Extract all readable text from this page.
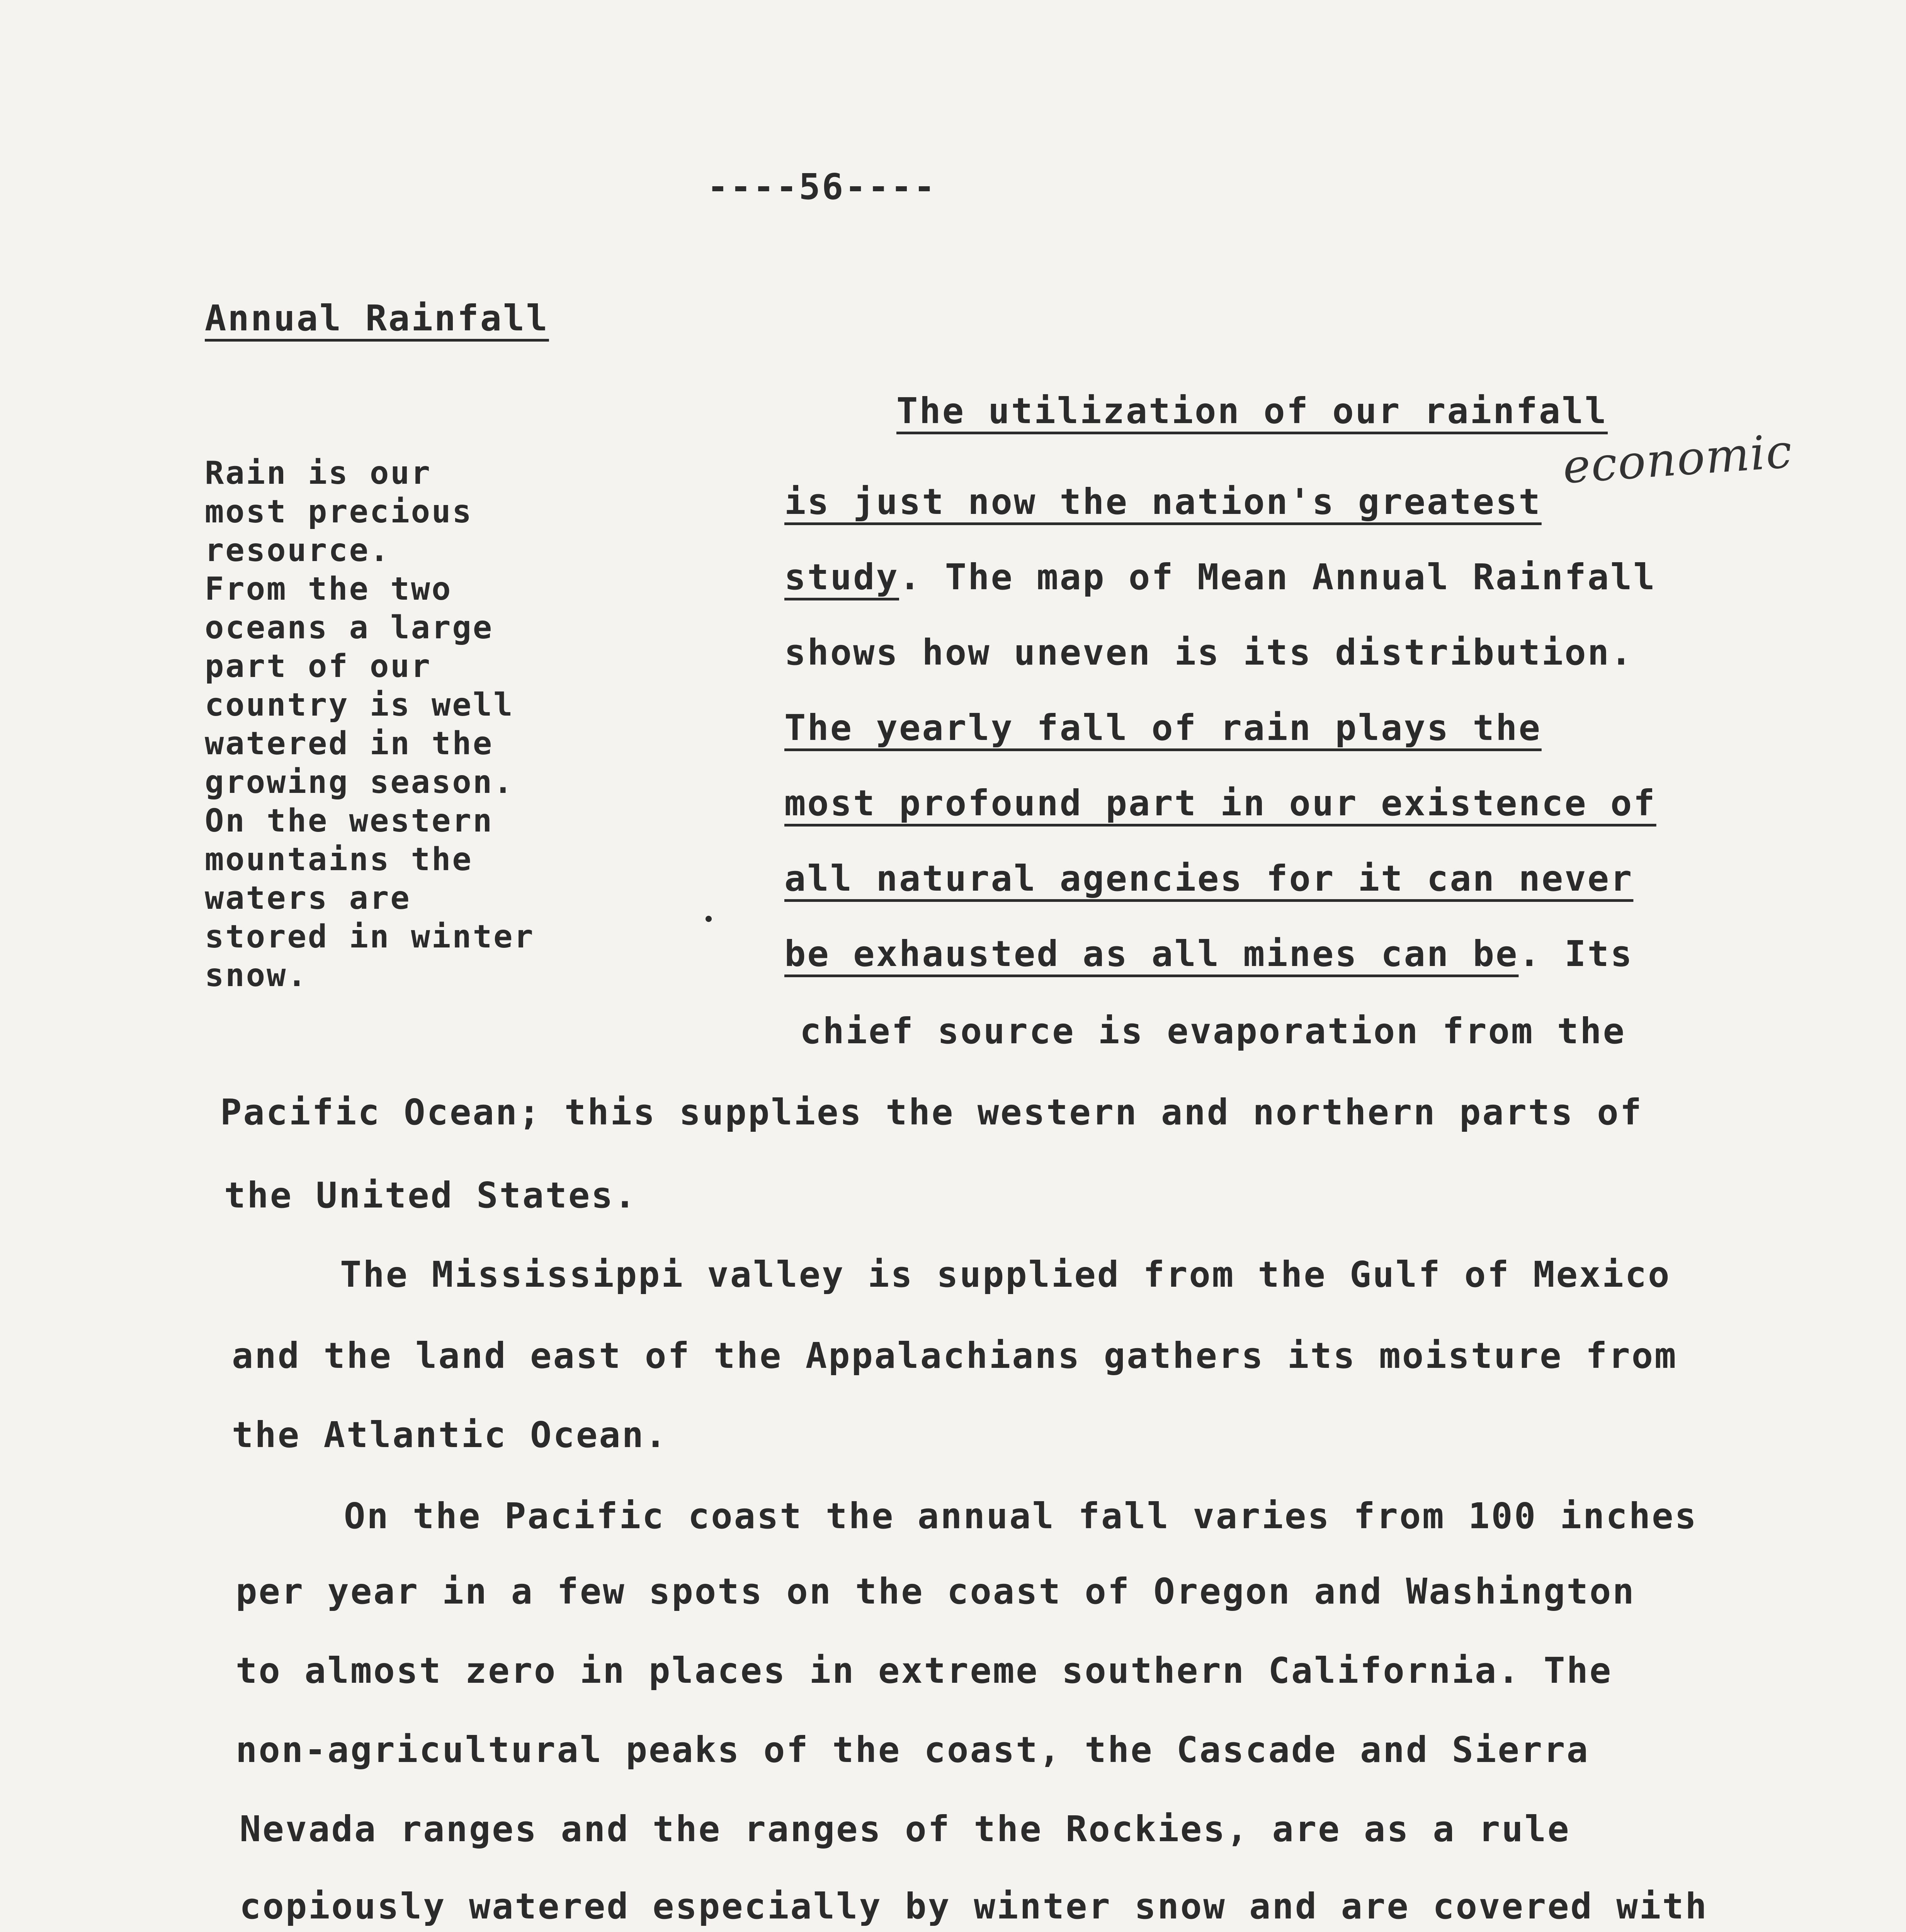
----56----
Annual Rainfall
Rain is our
most precious
resource.
From the two
oceans a large
part of our
country is well
watered in the
growing season.
On the western
mountains the
waters are
stored in winter
snow.
economic
The utilization of our rainfall
is just now the nation's greatest
study. The map of Mean Annual Rainfall
shows how uneven is its distribution.
The yearly fall of rain plays the
most profound part in our existence of
all natural agencies for it can never
be exhausted as all mines can be. Its
chief source is evaporation from the
Pacific Ocean; this supplies the western and northern parts of
the United States.
The Mississippi valley is supplied from the Gulf of Mexico
and the land east of the Appalachians gathers its moisture from
the Atlantic Ocean.
On the Pacific coast the annual fall varies from 100 inches
per year in a few spots on the coast of Oregon and Washington
to almost zero in places in extreme southern California. The
non-agricultural peaks of the coast, the Cascade and Sierra
Nevada ranges and the ranges of the Rockies, are as a rule
copiously watered especially by winter snow and are covered with
